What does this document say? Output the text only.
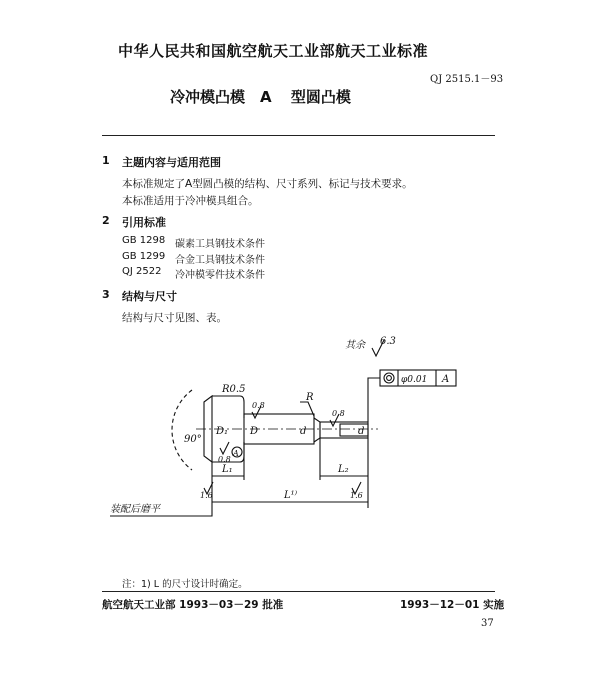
中华人民共和国航空航天工业部航天工业标准
QJ 2515.1－93
冷冲模凸模　A 型圆凸模
1 主题内容与适用范围
本标准规定了A型圆凸模的结构、尺寸系列、标记与技术要求。
本标准适用于冷冲模具组合。
2 引用标准
GB 1298 碳素工具钢技术条件
GB 1299 合金工具钢技术条件
QJ 2522 冷冲模零件技术条件
3 结构与尺寸
结构与尺寸见图、表。
其余 6.3
φ0.01 A
R0.5
R
0.8
0.8
0.8
1.6	1.6
D₁ D	d	d
L₁	L₂
L¹⁾
90°
A
装配后磨平
注：1) L 的尺寸设计时确定。
航空航天工业部 1993－03－29 批准	1993－12－01 实施
37
